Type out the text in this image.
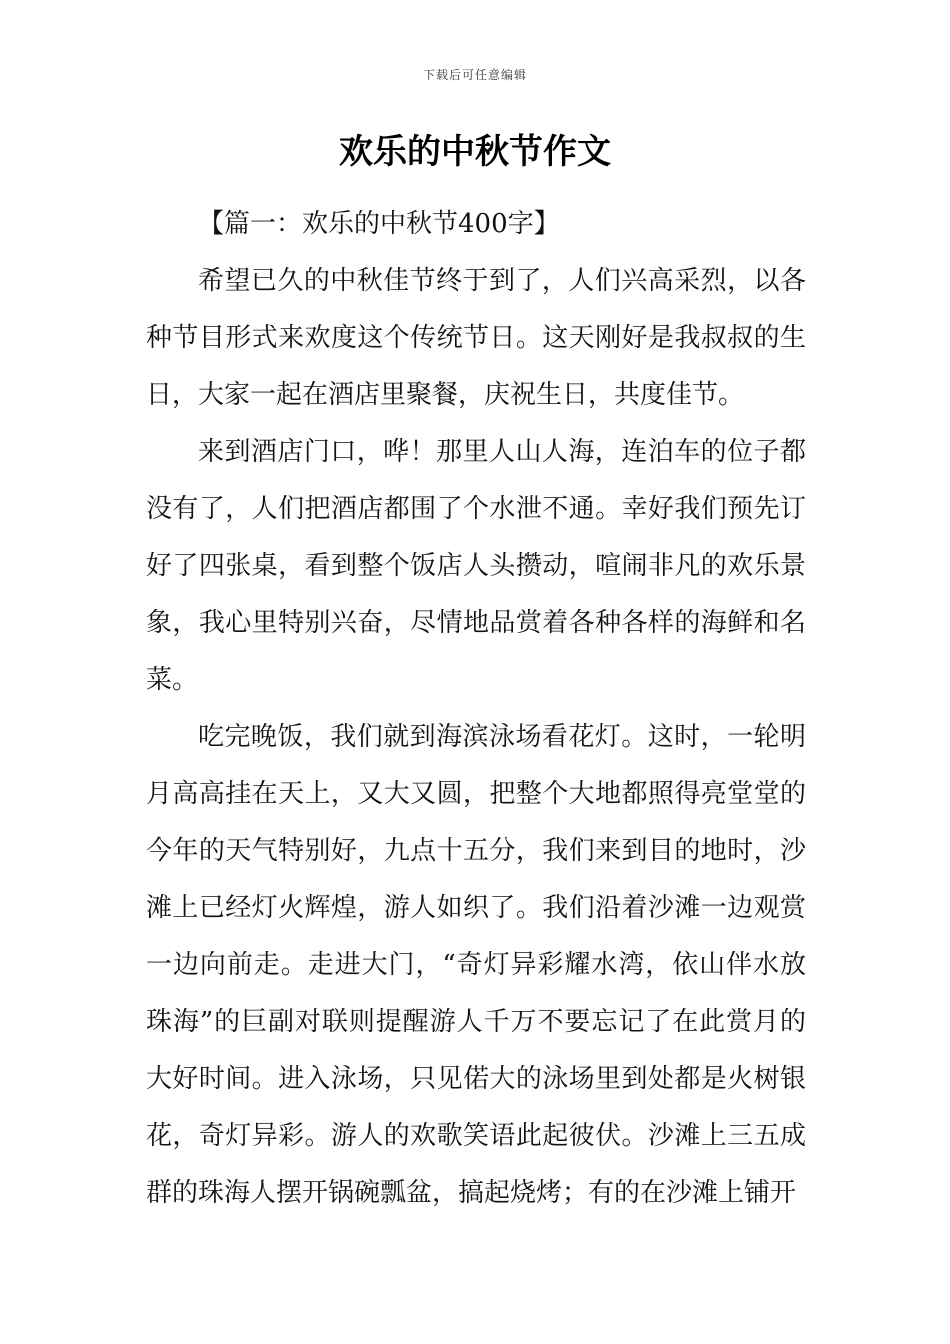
下载后可任意编辑
欢乐的中秋节作文

【篇一：欢乐的中秋节400字】

希望已久的中秋佳节终于到了，人们兴高采烈，以各种节目形式来欢度这个传统节日。这天刚好是我叔叔的生日，大家一起在酒店里聚餐，庆祝生日，共度佳节。

来到酒店门口，哗！那里人山人海，连泊车的位子都没有了，人们把酒店都围了个水泄不通。幸好我们预先订好了四张桌，看到整个饭店人头攒动，喧闹非凡的欢乐景象，我心里特别兴奋，尽情地品赏着各种各样的海鲜和名菜。

吃完晚饭，我们就到海滨泳场看花灯。这时，一轮明月高高挂在天上，又大又圆，把整个大地都照得亮堂堂的今年的天气特别好，九点十五分，我们来到目的地时，沙滩上已经灯火辉煌，游人如织了。我们沿着沙滩一边观赏一边向前走。走进大门，“奇灯异彩耀水湾，依山伴水放珠海”的巨副对联则提醒游人千万不要忘记了在此赏月的大好时间。进入泳场，只见偌大的泳场里到处都是火树银花，奇灯异彩。游人的欢歌笑语此起彼伏。沙滩上三五成群的珠海人摆开锅碗瓢盆，搞起烧烤；有的在沙滩上铺开
